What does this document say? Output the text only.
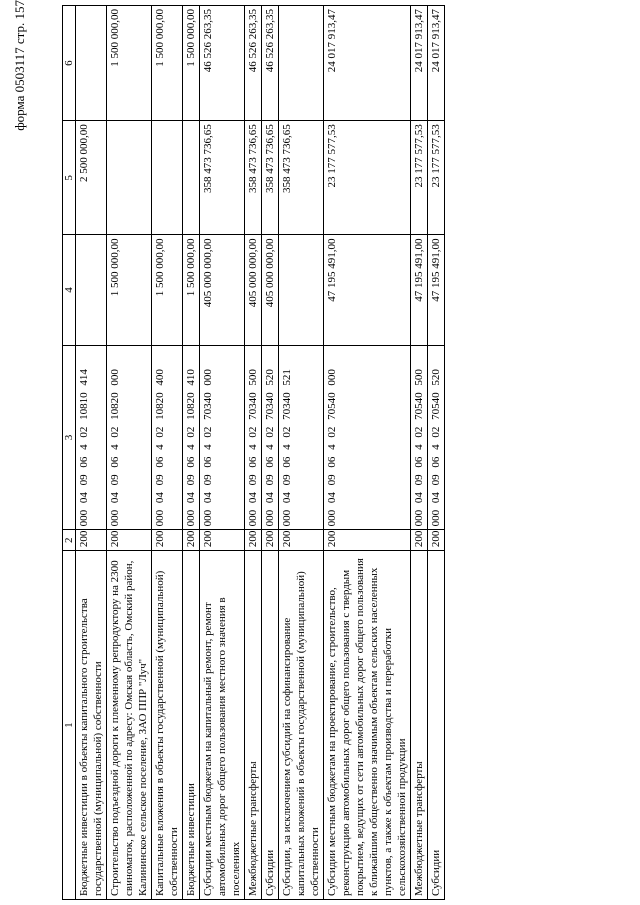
форма 0503117 стр. 157
1	2	3	4	5	6
Бюджетные инвестиции в объекты капитального строительства государственной (муниципальной) собственности	200	000 04 09 06 4 02 10810 414		2 500 000,00	
Строительство подъездной дороги к племенному репродуктору на 2300 свиноматок, расположенной по адресу: Омская область, Омский район, Калининское сельское поселение, ЗАО ППР "Луч"	200	000 04 09 06 4 02 10820 000	1 500 000,00		1 500 000,00
Капитальные вложения в объекты государственной (муниципальной) собственности	200	000 04 09 06 4 02 10820 400	1 500 000,00		1 500 000,00
Бюджетные инвестиции	200	000 04 09 06 4 02 10820 410	1 500 000,00		1 500 000,00
Субсидии местным бюджетам на капитальный ремонт, ремонт автомобильных дорог общего пользования местного значения в поселениях	200	000 04 09 06 4 02 70340 000	405 000 000,00	358 473 736,65	46 526 263,35
Межбюджетные трансферты	200	000 04 09 06 4 02 70340 500	405 000 000,00	358 473 736,65	46 526 263,35
Субсидии	200	000 04 09 06 4 02 70340 520	405 000 000,00	358 473 736,65	46 526 263,35
Субсидии, за исключением субсидий на софинансирование капитальных вложений в объекты государственной (муниципальной) собственности	200	000 04 09 06 4 02 70340 521		358 473 736,65	
Субсидии местным бюджетам на проектирование, строительство, реконструкцию автомобильных дорог общего пользования с твердым покрытием, ведущих от сети автомобильных дорог общего пользования к ближайшим общественно значимым объектам сельских населенных пунктов, а также к объектам производства и переработки сельскохозяйственной продукции	200	000 04 09 06 4 02 70540 000	47 195 491,00	23 177 577,53	24 017 913,47
Межбюджетные трансферты	200	000 04 09 06 4 02 70540 500	47 195 491,00	23 177 577,53	24 017 913,47
Субсидии	200	000 04 09 06 4 02 70540 520	47 195 491,00	23 177 577,53	24 017 913,47
